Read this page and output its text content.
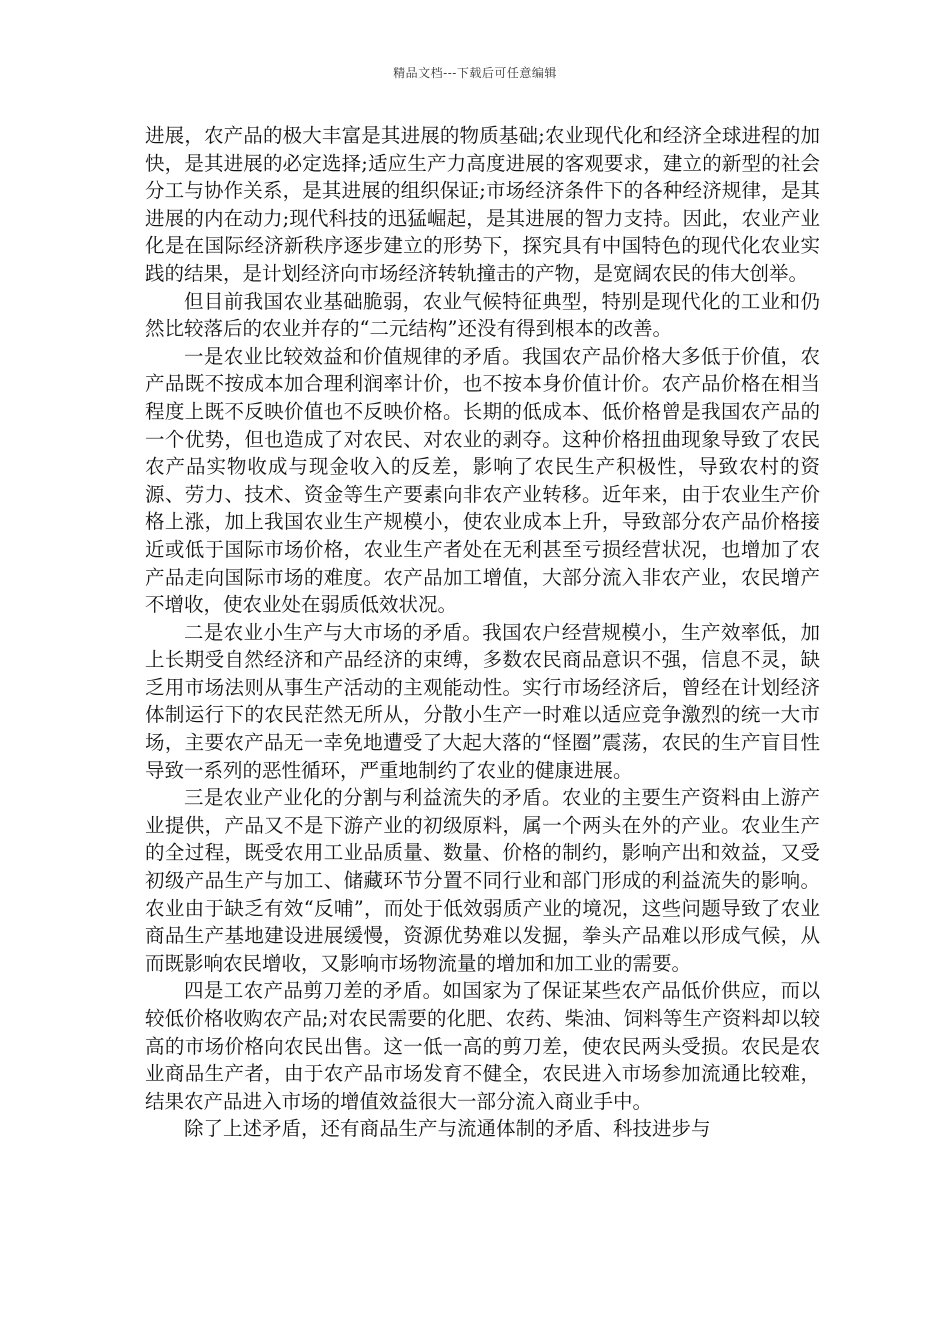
精品文档---下载后可任意编辑

进展，农产品的极大丰富是其进展的物质基础;农业现代化和经济全球进程的加快，是其进展的必定选择;适应生产力高度进展的客观要求，建立的新型的社会分工与协作关系，是其进展的组织保证;市场经济条件下的各种经济规律，是其进展的内在动力;现代科技的迅猛崛起，是其进展的智力支持。因此，农业产业化是在国际经济新秩序逐步建立的形势下，探究具有中国特色的现代化农业实践的结果，是计划经济向市场经济转轨撞击的产物，是宽阔农民的伟大创举。

但目前我国农业基础脆弱，农业气候特征典型，特别是现代化的工业和仍然比较落后的农业并存的“二元结构”还没有得到根本的改善。

一是农业比较效益和价值规律的矛盾。我国农产品价格大多低于价值，农产品既不按成本加合理利润率计价，也不按本身价值计价。农产品价格在相当程度上既不反映价值也不反映价格。长期的低成本、低价格曾是我国农产品的一个优势，但也造成了对农民、对农业的剥夺。这种价格扭曲现象导致了农民农产品实物收成与现金收入的反差，影响了农民生产积极性，导致农村的资源、劳力、技术、资金等生产要素向非农产业转移。近年来，由于农业生产价格上涨，加上我国农业生产规模小，使农业成本上升，导致部分农产品价格接近或低于国际市场价格，农业生产者处在无利甚至亏损经营状况，也增加了农产品走向国际市场的难度。农产品加工增值，大部分流入非农产业，农民增产不增收，使农业处在弱质低效状况。

二是农业小生产与大市场的矛盾。我国农户经营规模小，生产效率低，加上长期受自然经济和产品经济的束缚，多数农民商品意识不强，信息不灵，缺乏用市场法则从事生产活动的主观能动性。实行市场经济后，曾经在计划经济体制运行下的农民茫然无所从，分散小生产一时难以适应竞争激烈的统一大市场，主要农产品无一幸免地遭受了大起大落的“怪圈”震荡，农民的生产盲目性导致一系列的恶性循环，严重地制约了农业的健康进展。

三是农业产业化的分割与利益流失的矛盾。农业的主要生产资料由上游产业提供，产品又不是下游产业的初级原料，属一个两头在外的产业。农业生产的全过程，既受农用工业品质量、数量、价格的制约，影响产出和效益，又受初级产品生产与加工、储藏环节分置不同行业和部门形成的利益流失的影响。农业由于缺乏有效“反哺”，而处于低效弱质产业的境况，这些问题导致了农业商品生产基地建设进展缓慢，资源优势难以发掘，拳头产品难以形成气候，从而既影响农民增收，又影响市场物流量的增加和加工业的需要。

四是工农产品剪刀差的矛盾。如国家为了保证某些农产品低价供应，而以较低价格收购农产品;对农民需要的化肥、农药、柴油、饲料等生产资料却以较高的市场价格向农民出售。这一低一高的剪刀差，使农民两头受损。农民是农业商品生产者，由于农产品市场发育不健全，农民进入市场参加流通比较难，结果农产品进入市场的增值效益很大一部分流入商业手中。

除了上述矛盾，还有商品生产与流通体制的矛盾、科技进步与
